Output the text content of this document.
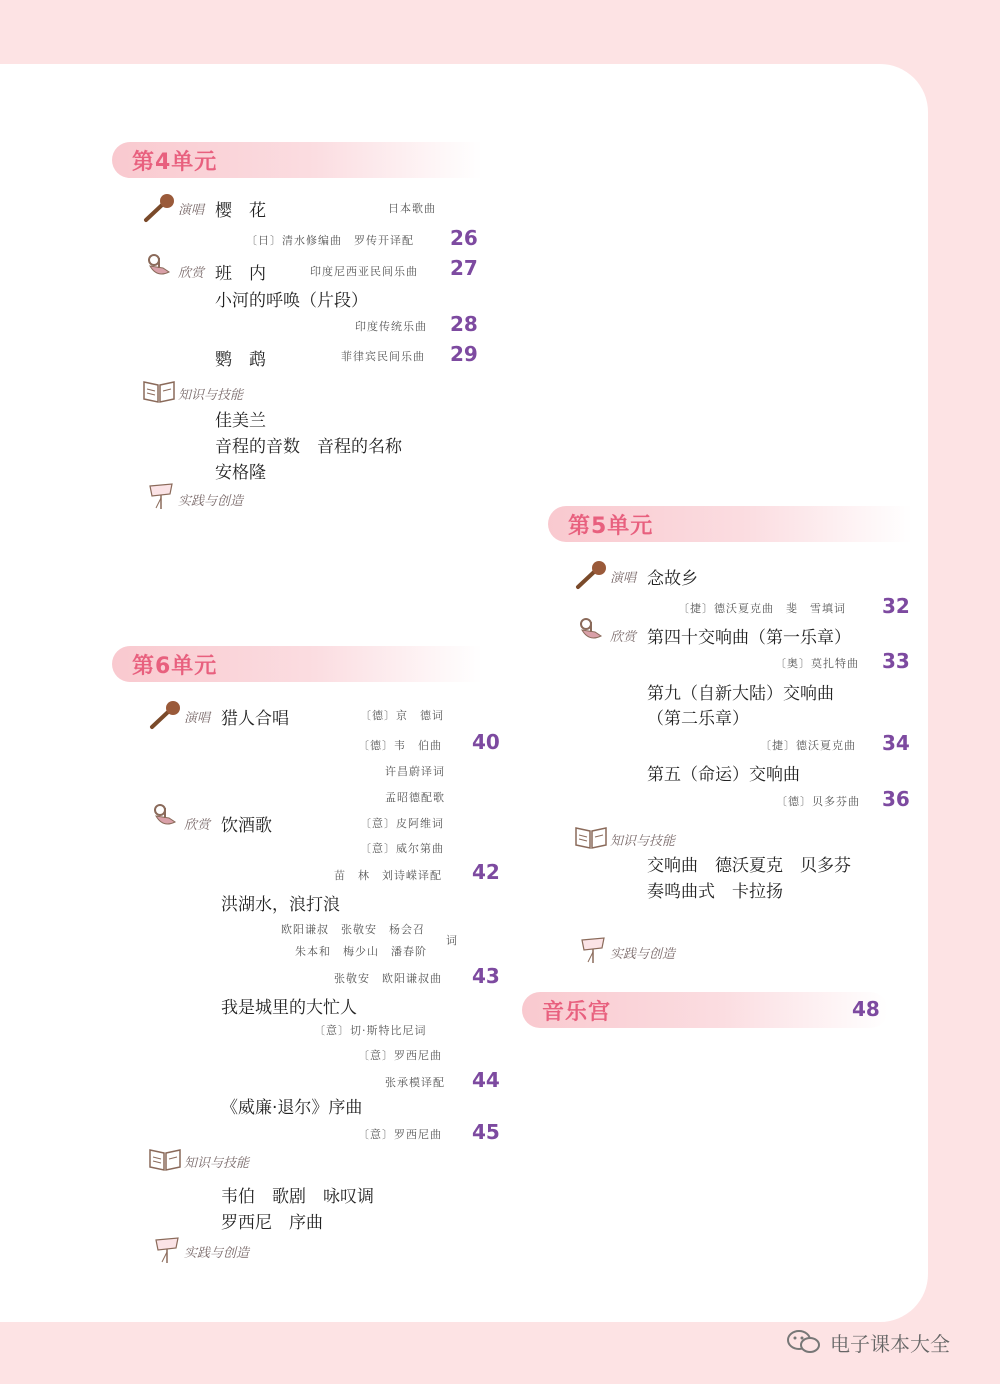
第4单元
演唱 樱　花	日本歌曲
〔日〕清水修编曲　罗传开译配 26
欣赏 班　内	印度尼西亚民间乐曲 27
小河的呼唤（片段）
印度传统乐曲 28
鹦　鹉	菲律宾民间乐曲 29
知识与技能
佳美兰
音程的音数　音程的名称
安格隆
实践与创造
第5单元
演唱 念故乡
〔捷〕德沃夏克曲　斐　雪填词 32
欣赏 第四十交响曲（第一乐章）
〔奥〕莫扎特曲 33
第九（自新大陆）交响曲
（第二乐章）
〔捷〕德沃夏克曲 34
第五（命运）交响曲
〔德〕贝多芬曲 36
知识与技能
交响曲　德沃夏克　贝多芬
奏鸣曲式　卡拉扬
实践与创造
音乐宫	48
第6单元
演唱 猎人合唱	〔德〕京　德词
〔德〕韦　伯曲 40
许昌蔚译词
孟昭德配歌
欣赏 饮酒歌	〔意〕皮阿维词
〔意〕威尔第曲
苗　林　刘诗嵘译配 42
洪湖水，浪打浪
欧阳谦叔　张敬安　杨会召
朱本和　梅少山　潘春阶
词
张敬安　欧阳谦叔曲 43
我是城里的大忙人
〔意〕切·斯特比尼词
〔意〕罗西尼曲
张承模译配 44
《威廉·退尔》序曲
〔意〕罗西尼曲 45
知识与技能
韦伯　歌剧　咏叹调
罗西尼　序曲
实践与创造
电子课本大全
